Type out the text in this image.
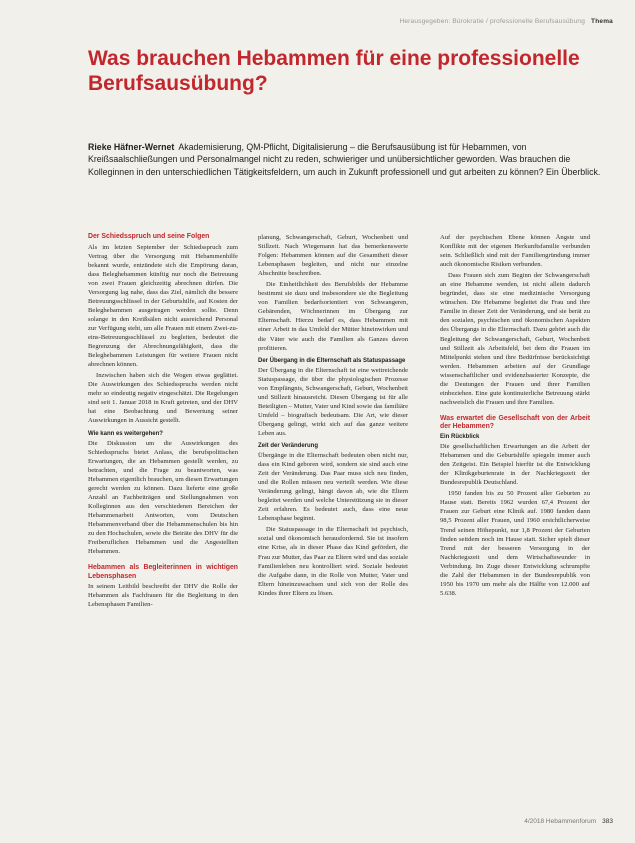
Herausgegeben: Bürokratie / professionelle Berufsausübung Thema
Was brauchen Hebammen für eine professionelle Berufsausübung?

Rieke Häfner-Wernet Akademisierung, QM-Pflicht, Digitalisierung – die Berufsausübung ist für Hebammen, von Kreißsaalschließungen und Personalmangel nicht zu reden, schwieriger und unübersichtlicher geworden. Was brauchen die Kolleginnen in den unterschiedlichen Tätigkeitsfeldern, um auch in Zukunft professionell und gut arbeiten zu können? Ein Überblick.

Der Schiedsspruch und seine Folgen

Als im letzten September der Schiedsspruch zum Vertrag über die Versorgung mit Hebammenhilfe bekannt wurde, entzündete sich die Empörung daran, dass Beleghebammen künftig nur noch die Betreuung von zwei Frauen gleichzeitig abrechnen dürfen. Die Versorgung lag nahe, dass das Ziel, nämlich die bessere Betreuungsschlüssel in der Geburtshilfe, auf Kosten der Beleghebammen ausgetragen werden sollte. Denn solange in den Kreißsälen nicht ausreichend Personal zur Verfügung steht, um alle Frauen mit einem Zwei-zu-eins-Betreuungsschlüssel zu begleiten, bedeutet die Begrenzung der Abrechnungsfähigkeit, dass die Beleghebammen Leistungen für weitere Frauen nicht abrechnen können.

Inzwischen haben sich die Wogen etwas geglättet. Die Auswirkungen des Schiedsspruchs werden nicht mehr so eindeutig negativ eingeschätzt. Die Regelungen sind seit 1. Januar 2018 in Kraft getreten, und der DHV hat eine Beobachtung und Bewertung seiner Auswirkungen in Aussicht gestellt.

Wie kann es weitergehen?

Die Diskussion um die Auswirkungen des Schiedsspruchs bietet Anlass, die berufspolitischen Erwartungen, die an Hebammen gestellt werden, zu betrachten, und die Frage zu beantworten, was Hebammen eigentlich brauchen, um diesen Erwartungen gerecht werden zu können. Dazu lieferte eine große Anzahl an Fachbeiträgen und Stellungnahmen von Kolleginnen aus den verschiedenen Bereichen der Hebammenarbeit Antworten, vom Deutschen Hebammenverband über die Hebammenschulen bis hin zu den Hochschulen, sowie die Beiräte des DHV für die Freiberuflichen Hebammen und die Angestellten Hebammen.

Hebammen als Begleiterinnen in wichtigen Lebensphasen

In seinem Leitbild beschreibt der DHV die Rolle der Hebammen als Fachfrauen für die Begleitung in den Lebensphasen Familien-

planung, Schwangerschaft, Geburt, Wochenbett und Stillzeit. Nach Wiegemann hat das bemerkenswerte Folgen: Hebammen können auf die Gesamtheit dieser Lebensphasen begleiten, und nicht nur einzelne Abschnitte beschreiben.

Die Einheitlichkeit des Berufsbilds der Hebamme bestimmt sie dazu und insbesondere sie die Begleitung von Familien bedarfsorientiert von Schwangeren, Gebärenden, Wöchnerinnen im Übergang zur Elternschaft. Hierzu bedarf es, dass Hebammen mit einer Arbeit in das Umfeld der Mütter hineinwirken und die Väter wie auch die Familien als Ganzes davon profitieren.

Der Übergang in die Elternschaft als Statuspassage

Der Übergang in die Elternschaft ist eine weitreichende Statuspassage, die über die physiologischen Prozesse von Empfängnis, Schwangerschaft, Geburt, Wochenbett und Stillzeit hinausreicht. Diesen Übergang ist für alle Beteiligten – Mutter, Vater und Kind sowie das familiäre Umfeld – biografisch bedeutsam. Die Art, wie dieser Übergang gelingt, wirkt sich auf das ganze weitere Leben aus.

Zeit der Veränderung

Übergänge in die Elternschaft bedeuten oben nicht nur, dass ein Kind geboren wird, sondern sie sind auch eine Zeit der Veränderung. Das Paar muss sich neu finden, und die Rollen müssen neu verteilt werden. Wie diese Veränderung gelingt, hängt davon ab, wie die Eltern begleitet werden und welche Unterstützung sie in dieser Zeit erfahren. Es bedeutet auch, dass eine neue Lebensphase beginnt.

Die Statuspassage in die Elternschaft ist psychisch, sozial und ökonomisch herausfordernd. Sie ist insofern eine Krise, als in dieser Phase das Kind gefördert, die Frau zur Mutter, das Paar zu Eltern wird und das soziale Familienleben neu kontrolliert wird. Soziale bedeutet die Aufgabe dann, in die Rolle von Mutter, Vater und Eltern hineinzuwachsen und sich von der Rolle des Kindes ihrer Eltern zu lösen.

Auf der psychischen Ebene können Ängste und Konflikte mit der eigenen Herkunftsfamilie verbunden sein. Schließlich sind mit der Familiengründung immer auch ökonomische Risiken verbunden.

Dass Frauen sich zum Beginn der Schwangerschaft an eine Hebamme wenden, ist nicht allein dadurch begründet, dass sie eine medizinische Versorgung wünschen. Die Hebamme begleitet die Frau und ihre Familie in dieser Zeit der Veränderung, und sie berät zu den sozialen, psychischen und ökonomischen Aspekten des Übergangs in die Elternschaft. Dazu gehört auch die Begleitung der Schwangerschaft, Geburt, Wochenbett und Stillzeit als Arbeitsfeld, bei dem die Frauen im Mittelpunkt stehen und ihre Bedürfnisse berücksichtigt werden. Hebammen arbeiten auf der Grundlage wissenschaftlicher und evidenzbasierter Konzepte, die die Deutungen der Frauen und ihrer Familien einbeziehen. Eine gute kontinuierliche Betreuung stärkt nachweislich die Frauen und ihre Familien.

Was erwartet die Gesellschaft von der Arbeit der Hebammen?
Ein Rückblick

Die gesellschaftlichen Erwartungen an die Arbeit der Hebammen und die Geburtshilfe spiegeln immer auch den Zeitgeist. Ein Beispiel hierfür ist die Entwicklung der Klinikgeburtenrate in der Nachkriegszeit der Bundesrepublik Deutschland.

1950 fanden bis zu 50 Prozent aller Geburten zu Hause statt. Bereits 1962 wurden 67,4 Prozent der Frauen zur Geburt eine Klinik auf. 1980 fanden dann 98,5 Prozent aller Frauen, und 1960 ersichtlicherweise Trend seinen Höhepunkt, nur 1,8 Prozent der Geburten finden seitdem noch im Hause statt. Sicher spielt dieser Trend mit der besseren Versorgung in der Nachkriegszeit und dem Wirtschaftswunder in Verbindung. Im Zuge dieser Entwicklung schrumpfte die Zahl der Hebammen in der Bundesrepublik von 1950 bis 1970 um mehr als die Hälfte von 12.000 auf 5.638.

4/2018 Hebammenforum 383
